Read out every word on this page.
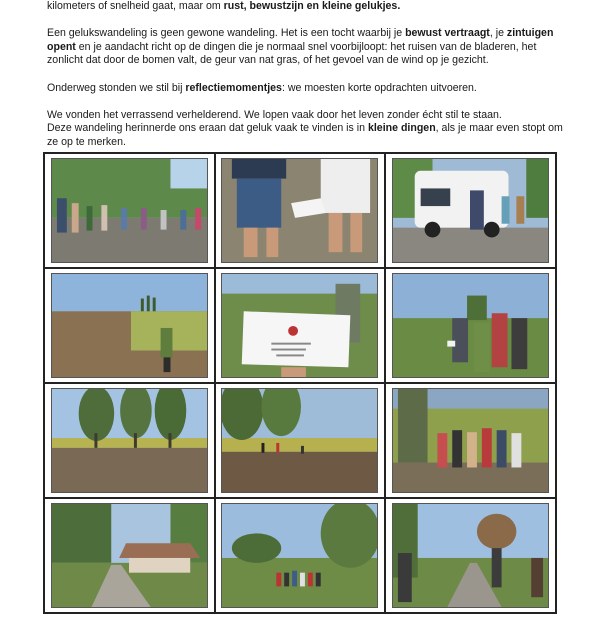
kilometers of snelheid gaat, maar om rust, bewustzijn en kleine gelukjes.

Een gelukswandeling is geen gewone wandeling. Het is een tocht waarbij je bewust vertraagt, je zintuigen opent en je aandacht richt op de dingen die je normaal snel voorbijloopt: het ruisen van de bladeren, het zonlicht dat door de bomen valt, de geur van nat gras, of het gevoel van de wind op je gezicht.

Onderweg stonden we stil bij reflectiemomentjes: we moesten korte opdrachten uitvoeren.

We vonden het verrassend verhelderend. We lopen vaak door het leven zonder écht stil te staan.

Deze wandeling herinnerde ons eraan dat geluk vaak te vinden is in kleine dingen, als je maar even stopt om ze op te merken.
